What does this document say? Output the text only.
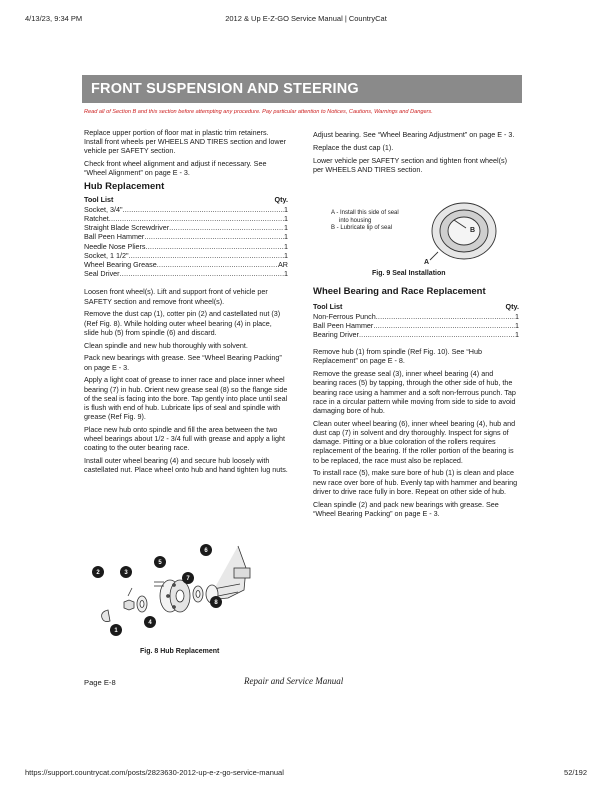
4/13/23, 9:34 PM	2012 & Up E-Z-GO Service Manual | CountryCat
FRONT SUSPENSION AND STEERING
Read all of Section B and this section before attempting any procedure. Pay particular attention to Notices, Cautions, Warnings and Dangers.

Replace upper portion of floor mat in plastic trim retainers. Install front wheels per WHEELS AND TIRES section and lower vehicle per SAFETY section.

Check front wheel alignment and adjust if necessary. See “Wheel Alignment” on page E - 3.

Hub Replacement
Tool List	Qty.
Socket, 3/4" .....	1
Ratchet .....	1
Straight Blade Screwdriver .....	1
Ball Peen Hammer .....	1
Needle Nose Pliers .....	1
Socket, 1 1/2" .....	1
Wheel Bearing Grease .....	AR
Seal Driver .....	1

Loosen front wheel(s). Lift and support front of vehicle per SAFETY section and remove front wheel(s).

Remove the dust cap (1), cotter pin (2) and castellated nut (3) (Ref Fig. 8). While holding outer wheel bearing (4) in place, slide hub (5) from spindle (6) and discard.

Clean spindle and new hub thoroughly with solvent.

Pack new bearings with grease. See “Wheel Bearing Packing” on page E - 3.

Apply a light coat of grease to inner race and place inner wheel bearing (7) in hub. Orient new grease seal (8) so the flange side of the seal is facing into the bore. Tap gently into place until seal is flush with end of hub. Lubricate lips of seal and spindle with grease (Ref Fig. 9).

Place new hub onto spindle and fill the area between the two wheel bearings about 1/2 - 3/4 full with grease and apply a light coating to the outer bearing race.

Install outer wheel bearing (4) and secure hub loosely with castellated nut. Place wheel onto hub and hand tighten lug nuts.

1
2	3
4
5
6
7
8
Fig. 8 Hub Replacement

Adjust bearing. See “Wheel Bearing Adjustment” on page E - 3.

Replace the dust cap (1).

Lower vehicle per SAFETY section and tighten front wheel(s) per WHEELS AND TIRES section.

A - Install this side of seal
into housing
B - Lubricate lip of seal	B
A
Fig. 9 Seal Installation
Wheel Bearing and Race Replacement
Tool List	Qty.
Non-Ferrous Punch .....	1
Ball Peen Hammer .....	1
Bearing Driver .....	1

Remove hub (1) from spindle (Ref Fig. 10). See “Hub Replacement” on page E - 8.

Remove the grease seal (3), inner wheel bearing (4) and bearing races (5) by tapping, through the other side of hub, the bearing race using a hammer and a soft non-ferrous punch. Tap race in a circular pattern while moving from side to side to avoid damaging bore of hub.

Clean outer wheel bearing (6), inner wheel bearing (4), hub and dust cap (7) in solvent and dry thoroughly. Inspect for signs of damage. Pitting or a blue coloration of the rollers requires replacement of the bearing. If the roller portion of the bearing is to be replaced, the race must also be replaced.

To install race (5), make sure bore of hub (1) is clean and place new race over bore of hub. Evenly tap with hammer and bearing driver to drive race fully in bore. Repeat on other side of hub.

Clean spindle (2) and pack new bearings with grease. See “Wheel Bearing Packing” on page E - 3.

Page E-8	Repair and Service Manual
https://support.countrycat.com/posts/2823630-2012-up-e-z-go-service-manual	52/192
